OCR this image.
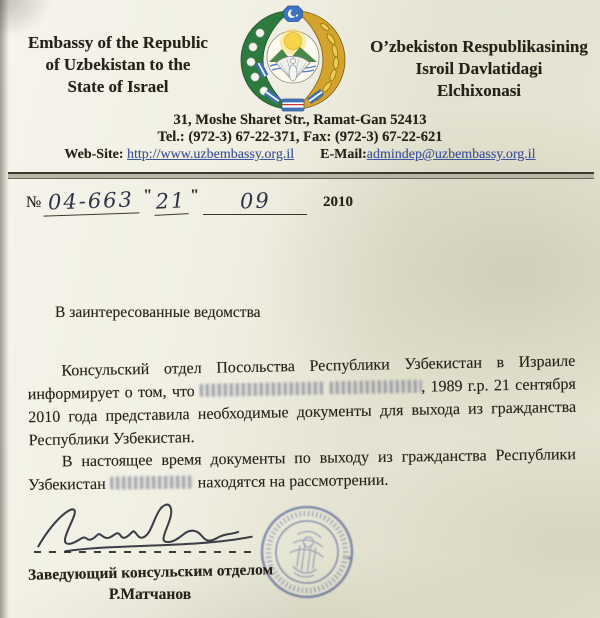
Embassy of the Republic
of Uzbekistan to the
State of Israel
O’zbekiston Respublikasining
Isroil Davlatidagi
Elchixonasi
31, Moshe Sharet Str., Ramat-Gan 52413
Tel.: (972-3) 67-22-371, Fax: (972-3) 67-22-621
Web-Site: http://www.uzbembassy.org.il E-Mail:admindep@uzbembassy.org.il
№ 04-663 " 21 "	09	2010
В заинтересованные ведомства
Консульский отдел Посольства Республики Узбекистан в Израиле информирует о том, что	, 1989 г.р. 21 сентября 2010 года представила необходимые документы для выхода из гражданства Республики Узбекистан.
В настоящее время документы по выходу из гражданства Республики Узбекистан	находятся на рассмотрении.
Заведующий консульским отделом
Р.Матчанов
